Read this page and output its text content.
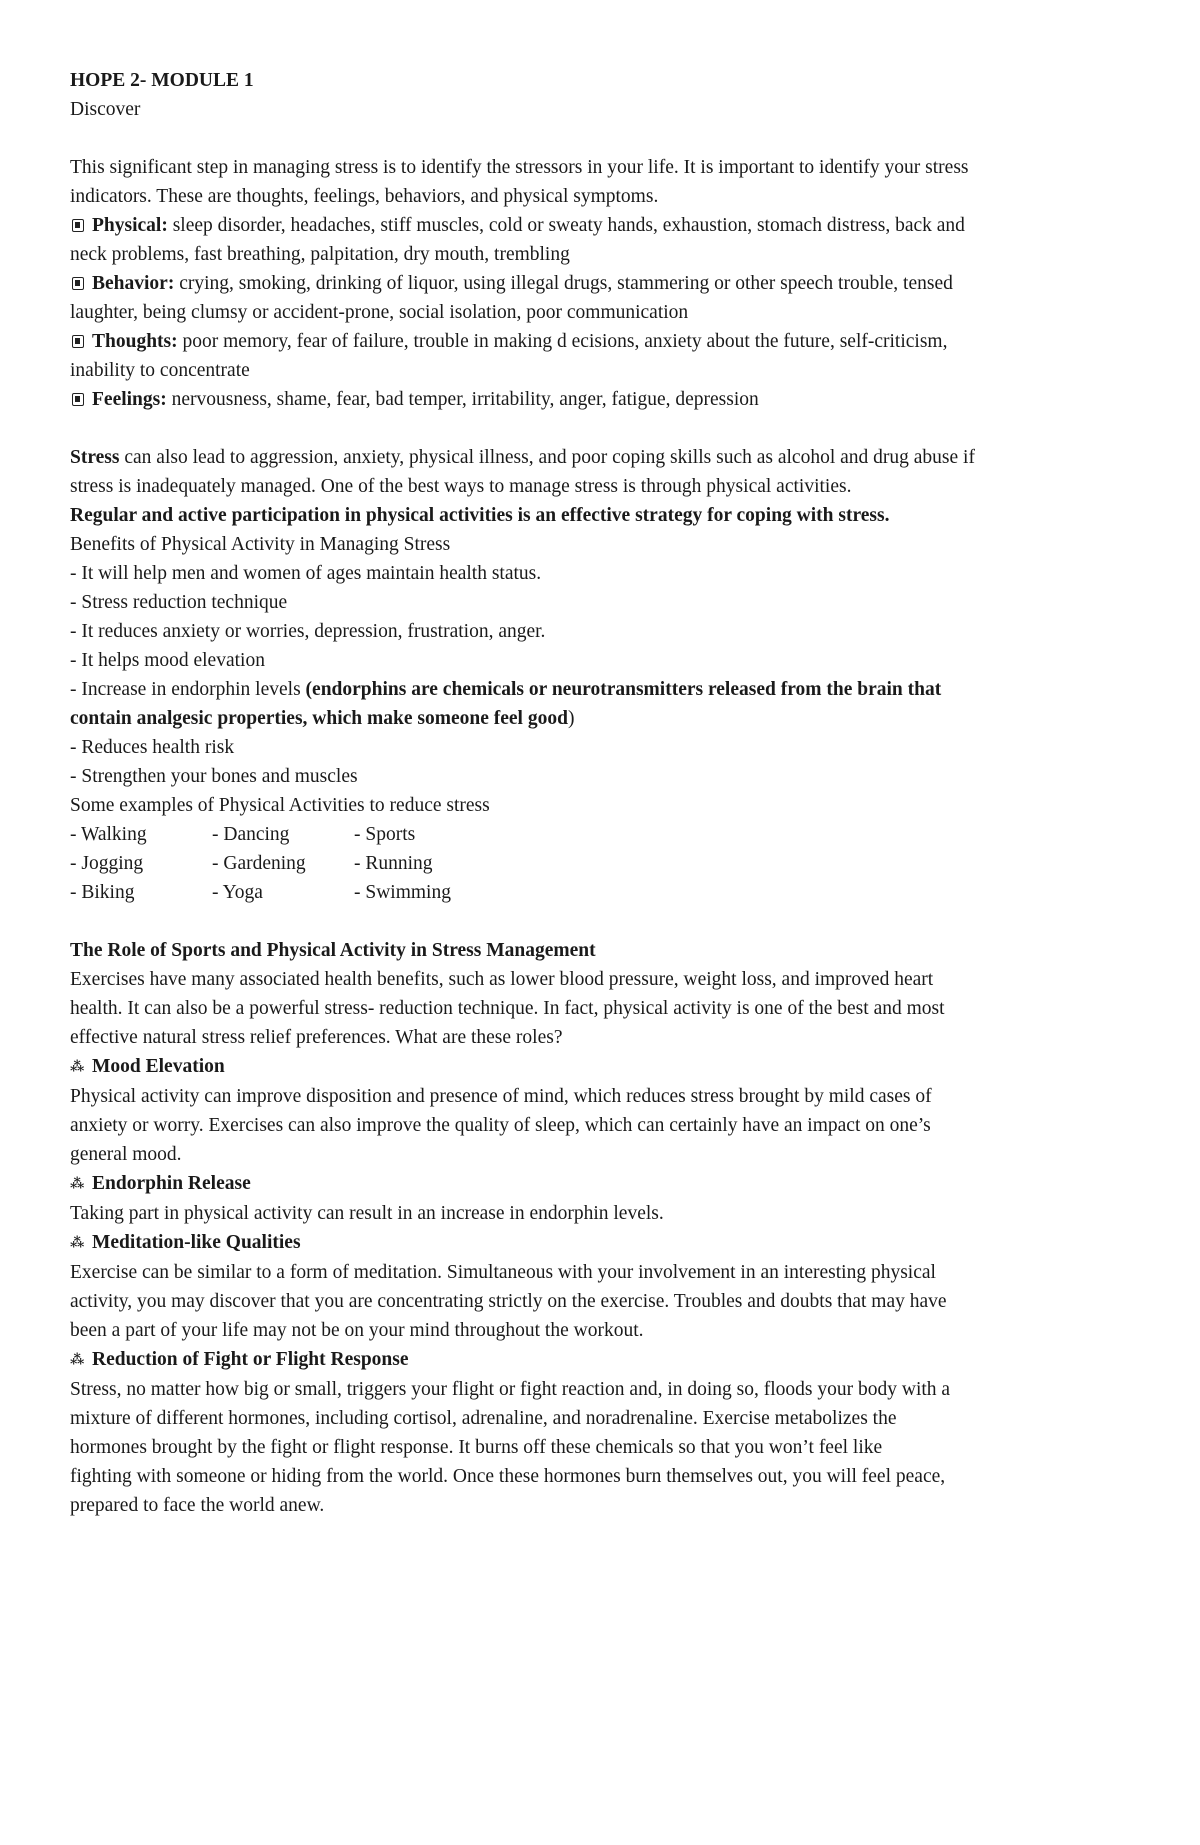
HOPE 2- MODULE 1

Discover

This significant step in managing stress is to identify the stressors in your life. It is important to identify your stress

indicators. These are thoughts, feelings, behaviors, and physical symptoms.

Physical: sleep disorder, headaches, stiff muscles, cold or sweaty hands, exhaustion, stomach distress, back and

neck problems, fast breathing, palpitation, dry mouth, trembling

Behavior: crying, smoking, drinking of liquor, using illegal drugs, stammering or other speech trouble, tensed

laughter, being clumsy or accident-prone, social isolation, poor communication

Thoughts: poor memory, fear of failure, trouble in making d ecisions, anxiety about the future, self-criticism,

inability to concentrate

Feelings: nervousness, shame, fear, bad temper, irritability, anger, fatigue, depression

Stress can also lead to aggression, anxiety, physical illness, and poor coping skills such as alcohol and drug abuse if

stress is inadequately managed. One of the best ways to manage stress is through physical activities.

Regular and active participation in physical activities is an effective strategy for coping with stress.

Benefits of Physical Activity in Managing Stress

- It will help men and women of ages maintain health status.

- Stress reduction technique

- It reduces anxiety or worries, depression, frustration, anger.

- It helps mood elevation

- Increase in endorphin levels (endorphins are chemicals or neurotransmitters released from the brain that

contain analgesic properties, which make someone feel good)

- Reduces health risk

- Strengthen your bones and muscles

Some examples of Physical Activities to reduce stress

- Walking	- Dancing	- Sports
- Jogging	- Gardening	- Running
- Biking	- Yoga	- Swimming

The Role of Sports and Physical Activity in Stress Management

Exercises have many associated health benefits, such as lower blood pressure, weight loss, and improved heart

health. It can also be a powerful stress- reduction technique. In fact, physical activity is one of the best and most

effective natural stress relief preferences. What are these roles?

⁂ Mood Elevation

Physical activity can improve disposition and presence of mind, which reduces stress brought by mild cases of

anxiety or worry. Exercises can also improve the quality of sleep, which can certainly have an impact on one’s

general mood.

⁂ Endorphin Release

Taking part in physical activity can result in an increase in endorphin levels.

⁂ Meditation-like Qualities

Exercise can be similar to a form of meditation. Simultaneous with your involvement in an interesting physical

activity, you may discover that you are concentrating strictly on the exercise. Troubles and doubts that may have

been a part of your life may not be on your mind throughout the workout.

⁂ Reduction of Fight or Flight Response

Stress, no matter how big or small, triggers your flight or fight reaction and, in doing so, floods your body with a

mixture of different hormones, including cortisol, adrenaline, and noradrenaline. Exercise metabolizes the

hormones brought by the fight or flight response. It burns off these chemicals so that you won’t feel like

fighting with someone or hiding from the world. Once these hormones burn themselves out, you will feel peace,

prepared to face the world anew.
